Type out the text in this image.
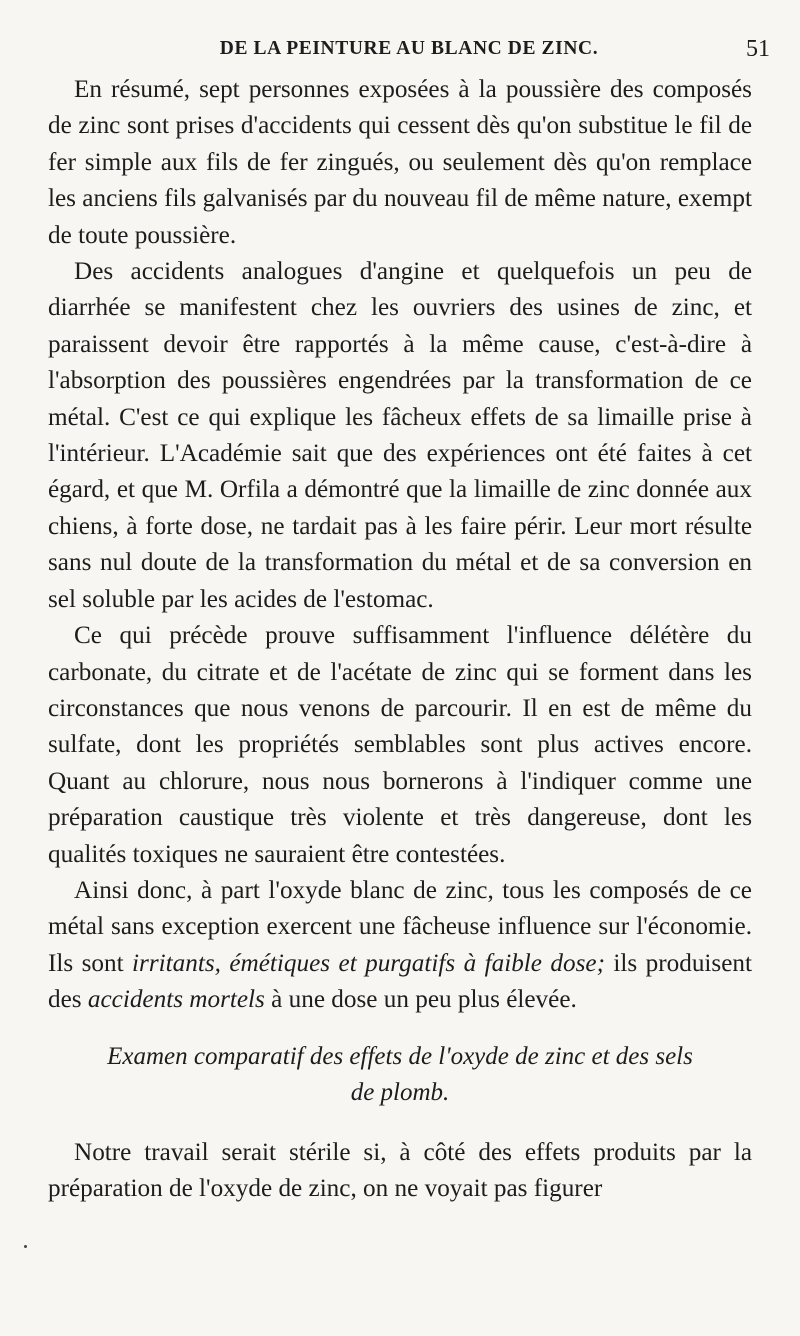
DE LA PEINTURE AU BLANC DE ZINC.	51

En résumé, sept personnes exposées à la poussière des composés de zinc sont prises d'accidents qui cessent dès qu'on substitue le fil de fer simple aux fils de fer zingués, ou seulement dès qu'on remplace les anciens fils galvanisés par du nouveau fil de même nature, exempt de toute poussière.

Des accidents analogues d'angine et quelquefois un peu de diarrhée se manifestent chez les ouvriers des usines de zinc, et paraissent devoir être rapportés à la même cause, c'est-à-dire à l'absorption des poussières engendrées par la transformation de ce métal. C'est ce qui explique les fâcheux effets de sa limaille prise à l'intérieur. L'Académie sait que des expériences ont été faites à cet égard, et que M. Orfila a démontré que la limaille de zinc donnée aux chiens, à forte dose, ne tardait pas à les faire périr. Leur mort résulte sans nul doute de la transformation du métal et de sa conversion en sel soluble par les acides de l'estomac.

Ce qui précède prouve suffisamment l'influence délétère du carbonate, du citrate et de l'acétate de zinc qui se forment dans les circonstances que nous venons de parcourir. Il en est de même du sulfate, dont les propriétés semblables sont plus actives encore. Quant au chlorure, nous nous bornerons à l'indiquer comme une préparation caustique très violente et très dangereuse, dont les qualités toxiques ne sauraient être contestées.

Ainsi donc, à part l'oxyde blanc de zinc, tous les composés de ce métal sans exception exercent une fâcheuse influence sur l'économie. Ils sont irritants, émétiques et purgatifs à faible dose; ils produisent des accidents mortels à une dose un peu plus élevée.

Examen comparatif des effets de l'oxyde de zinc et des sels
de plomb.

Notre travail serait stérile si, à côté des effets produits par la préparation de l'oxyde de zinc, on ne voyait pas figurer
